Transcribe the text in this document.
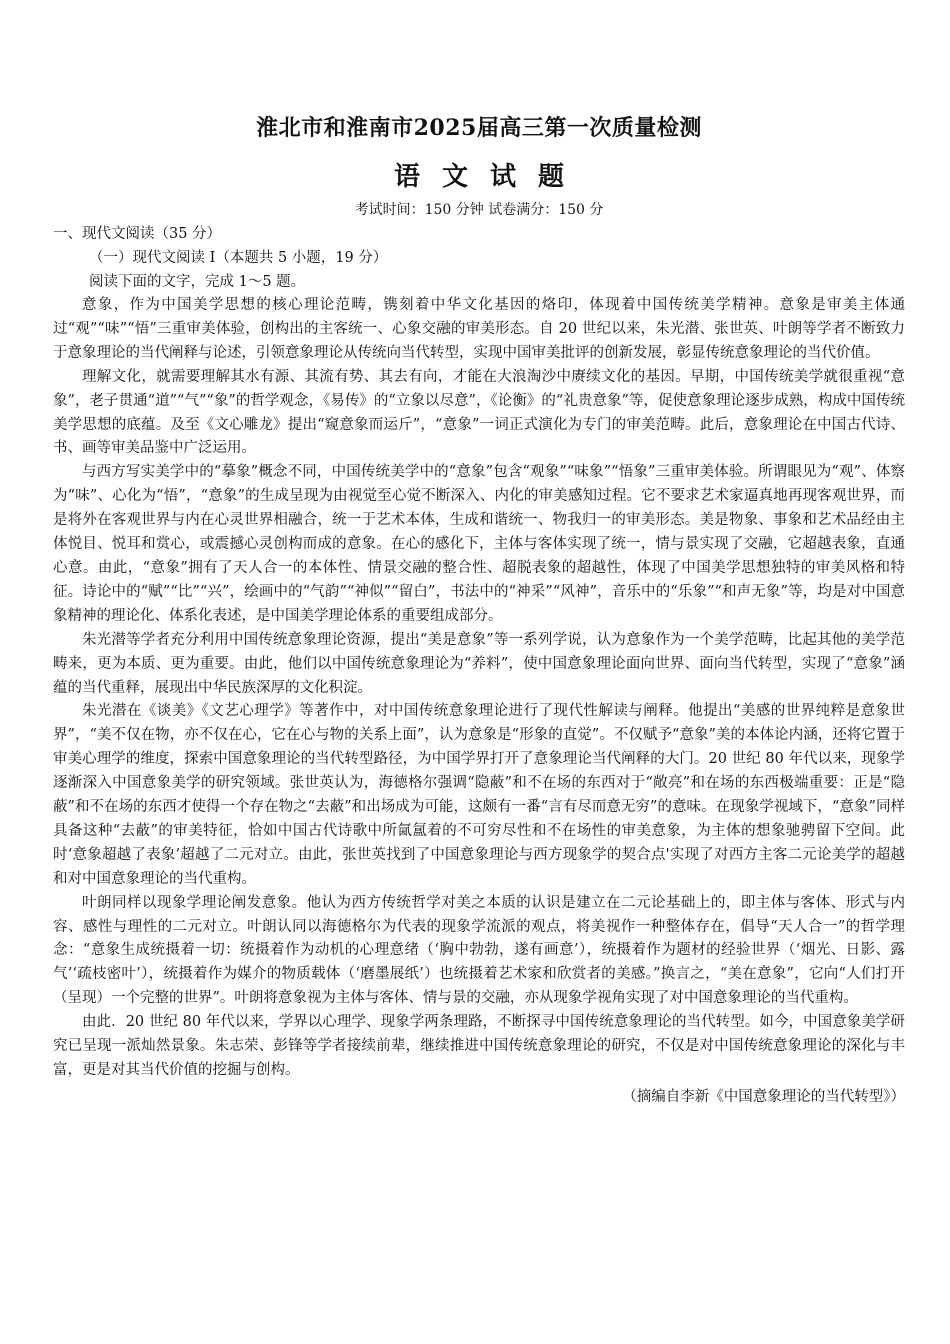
淮北市和淮南市2025届高三第一次质量检测
语文试题
考试时间：150 分钟 试卷满分：150 分
一、现代文阅读（35 分）
（一）现代文阅读 I（本题共 5 小题，19 分）
阅读下面的文字，完成 1～5 题。

意象，作为中国美学思想的核心理论范畴，镌刻着中华文化基因的烙印，体现着中国传统美学精神。意象是审美主体通过“观”“味”“悟”三重审美体验，创构出的主客统一、心象交融的审美形态。自 20 世纪以来，朱光潜、张世英、叶朗等学者不断致力于意象理论的当代阐释与论述，引领意象理论从传统向当代转型，实现中国审美批评的创新发展，彰显传统意象理论的当代价值。

理解文化，就需要理解其水有源、其流有势、其去有向，才能在大浪淘沙中赓续文化的基因。早期，中国传统美学就很重视“意象”，老子贯通“道”“气”“象”的哲学观念，《易传》的“立象以尽意”，《论衡》的“礼贵意象”等，促使意象理论逐步成熟，构成中国传统美学思想的底蕴。及至《文心雕龙》提出“窥意象而运斤”，“意象”一词正式演化为专门的审美范畴。此后，意象理论在中国古代诗、书、画等审美品鉴中广泛运用。

与西方写实美学中的“摹象”概念不同，中国传统美学中的“意象”包含“观象”“味象”“悟象”三重审美体验。所谓眼见为“观”、体察为“味”、心化为“悟”，“意象”的生成呈现为由视觉至心觉不断深入、内化的审美感知过程。它不要求艺术家逼真地再现客观世界，而是将外在客观世界与内在心灵世界相融合，统一于艺术本体，生成和谐统一、物我归一的审美形态。美是物象、事象和艺术品经由主体悦目、悦耳和赏心，或震撼心灵创构而成的意象。在心的感化下，主体与客体实现了统一，情与景实现了交融，它超越表象，直通心意。由此，“意象”拥有了天人合一的本体性、情景交融的整合性、超脱表象的超越性，体现了中国美学思想独特的审美风格和特征。诗论中的“赋”“比”“兴”，绘画中的“气韵”“神似”“留白”，书法中的“神采”“风神”，音乐中的“乐象”“和声无象”等，均是对中国意象精神的理论化、体系化表述，是中国美学理论体系的重要组成部分。

朱光潜等学者充分利用中国传统意象理论资源，提出“美是意象”等一系列学说，认为意象作为一个美学范畴，比起其他的美学范畴来，更为本质、更为重要。由此，他们以中国传统意象理论为“养料”，使中国意象理论面向世界、面向当代转型，实现了“意象”涵蕴的当代重释，展现出中华民族深厚的文化积淀。

朱光潜在《谈美》《文艺心理学》等著作中，对中国传统意象理论进行了现代性解读与阐释。他提出“美感的世界纯粹是意象世界”，“美不仅在物，亦不仅在心，它在心与物的关系上面”，认为意象是“形象的直觉”。不仅赋予“意象”美的本体论内涵，还将它置于审美心理学的维度，探索中国意象理论的当代转型路径，为中国学界打开了意象理论当代阐释的大门。20 世纪 80 年代以来，现象学逐渐深入中国意象美学的研究领域。张世英认为，海德格尔强调“隐蔽”和不在场的东西对于“敞亮”和在场的东西极端重要：正是“隐蔽”和不在场的东西才使得一个存在物之“去蔽”和出场成为可能，这颇有一番“言有尽而意无穷”的意味。在现象学视域下，“意象”同样具备这种“去蔽”的审美特征，恰如中国古代诗歌中所氤氲着的不可穷尽性和不在场性的审美意象，为主体的想象驰骋留下空间。此时‘意象超越了表象’超越了二元对立。由此，张世英找到了中国意象理论与西方现象学的契合点'实现了对西方主客二元论美学的超越和对中国意象理论的当代重构。

叶朗同样以现象学理论阐发意象。他认为西方传统哲学对美之本质的认识是建立在二元论基础上的，即主体与客体、形式与内容、感性与理性的二元对立。叶朗认同以海德格尔为代表的现象学流派的观点，将美视作一种整体存在，倡导“天人合一”的哲学理念：“意象生成统摄着一切：统摄着作为动机的心理意绪（‘胸中勃勃，遂有画意’），统摄着作为题材的经验世界（‘烟光、日影、露气’‘疏枝密叶’），统摄着作为媒介的物质载体（‘磨墨展纸’）也统摄着艺术家和欣赏者的美感。”换言之，“美在意象”，它向“人们打开（呈现）一个完整的世界”。叶朗将意象视为主体与客体、情与景的交融，亦从现象学视角实现了对中国意象理论的当代重构。

由此．20 世纪 80 年代以来，学界以心理学、现象学两条理路，不断探寻中国传统意象理论的当代转型。如今，中国意象美学研究已呈现一派灿然景象。朱志荣、彭锋等学者接续前辈，继续推进中国传统意象理论的研究，不仅是对中国传统意象理论的深化与丰富，更是对其当代价值的挖掘与创构。

（摘编自李新《中国意象理论的当代转型》）
